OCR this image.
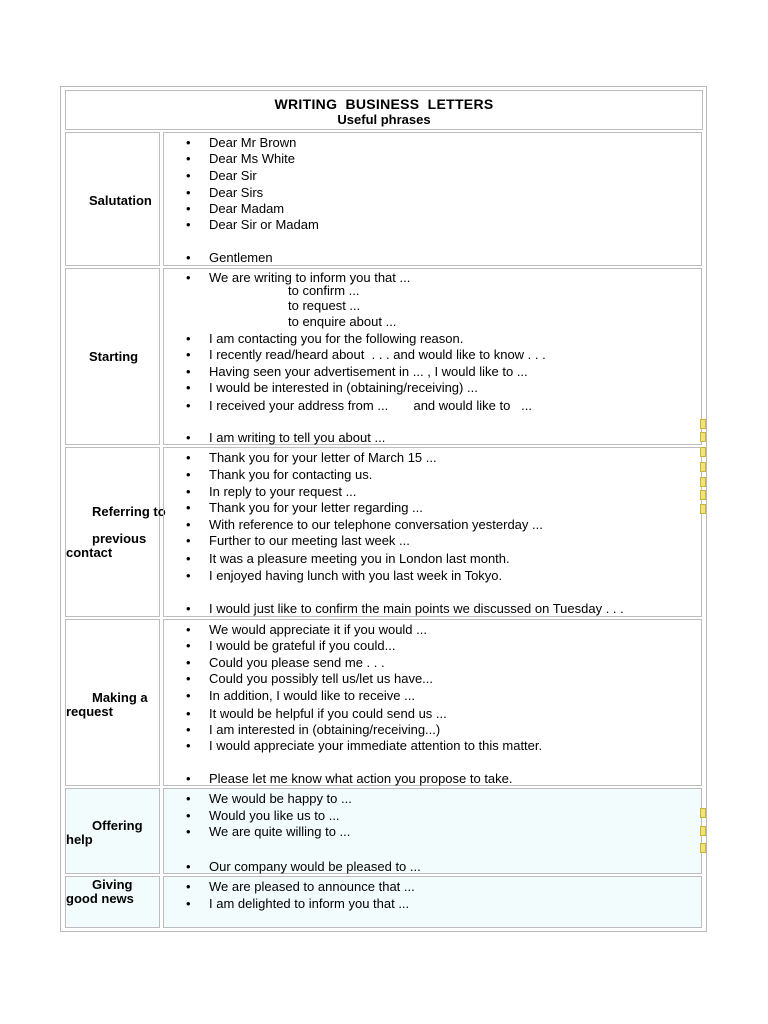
WRITING BUSINESS LETTERS
Useful phrases
Salutation
• Dear Mr Brown
• Dear Ms White
• Dear Sir
• Dear Sirs
• Dear Madam
• Dear Sir or Madam
• Gentlemen
Starting
• We are writing to inform you that ...
to confirm ...
to request ...
to enquire about ...
• I am contacting you for the following reason.
• I recently read/heard about  . . . and would like to know . . .
• Having seen your advertisement in ... , I would like to ...
• I would be interested in (obtaining/receiving) ...
• I received your address from ...       and would like to   ...
• I am writing to tell you about ...
Referring to
previous
contact
• Thank you for your letter of March 15 ...
• Thank you for contacting us.
• In reply to your request ...
• Thank you for your letter regarding ...
• With reference to our telephone conversation yesterday ...
• Further to our meeting last week ...
• It was a pleasure meeting you in London last month.
• I enjoyed having lunch with you last week in Tokyo.
• I would just like to confirm the main points we discussed on Tuesday . . .
Making a
request
• We would appreciate it if you would ...
• I would be grateful if you could...
• Could you please send me . . .
• Could you possibly tell us/let us have...
• In addition, I would like to receive ...
• It would be helpful if you could send us ...
• I am interested in (obtaining/receiving...)
• I would appreciate your immediate attention to this matter.
• Please let me know what action you propose to take.
Offering
help
• We would be happy to ...
• Would you like us to ...
• We are quite willing to ...
• Our company would be pleased to ...
Giving
good news
• We are pleased to announce that ...
• I am delighted to inform you that ...
